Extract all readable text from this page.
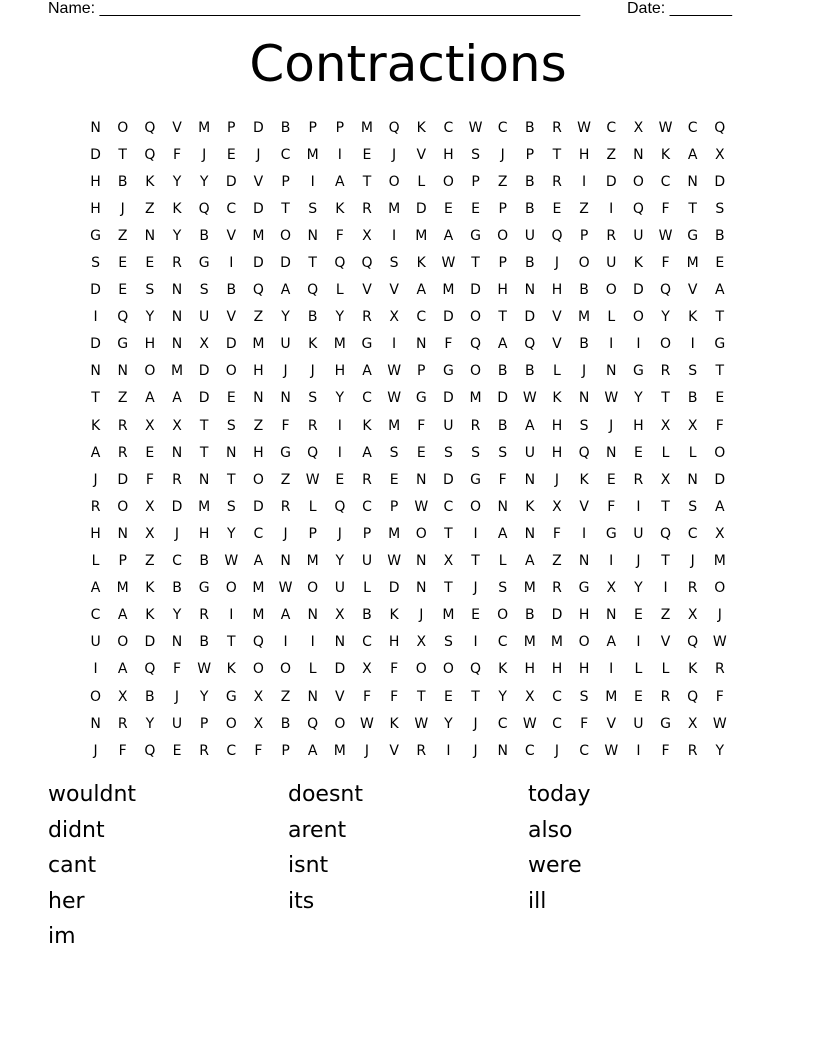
Name: ______________________________________________________	Date: _______
Contractions
N	O	Q	V	M	P	D	B	P	P	M	Q	K	C	W	C	B	R	W	C	X	W	C	Q
D	T	Q	F	J	E	J	C	M	I	E	J	V	H	S	J	P	T	H	Z	N	K	A	X
H	B	K	Y	Y	D	V	P	I	A	T	O	L	O	P	Z	B	R	I	D	O	C	N	D
H	J	Z	K	Q	C	D	T	S	K	R	M	D	E	E	P	B	E	Z	I	Q	F	T	S
G	Z	N	Y	B	V	M	O	N	F	X	I	M	A	G	O	U	Q	P	R	U	W	G	B
S	E	E	R	G	I	D	D	T	Q	Q	S	K	W	T	P	B	J	O	U	K	F	M	E
D	E	S	N	S	B	Q	A	Q	L	V	V	A	M	D	H	N	H	B	O	D	Q	V	A
I	Q	Y	N	U	V	Z	Y	B	Y	R	X	C	D	O	T	D	V	M	L	O	Y	K	T
D	G	H	N	X	D	M	U	K	M	G	I	N	F	Q	A	Q	V	B	I	I	O	I	G
N	N	O	M	D	O	H	J	J	H	A	W	P	G	O	B	B	L	J	N	G	R	S	T
T	Z	A	A	D	E	N	N	S	Y	C	W	G	D	M	D	W	K	N	W	Y	T	B	E
K	R	X	X	T	S	Z	F	R	I	K	M	F	U	R	B	A	H	S	J	H	X	X	F
A	R	E	N	T	N	H	G	Q	I	A	S	E	S	S	S	U	H	Q	N	E	L	L	O
J	D	F	R	N	T	O	Z	W	E	R	E	N	D	G	F	N	J	K	E	R	X	N	D
R	O	X	D	M	S	D	R	L	Q	C	P	W	C	O	N	K	X	V	F	I	T	S	A
H	N	X	J	H	Y	C	J	P	J	P	M	O	T	I	A	N	F	I	G	U	Q	C	X
L	P	Z	C	B	W	A	N	M	Y	U	W	N	X	T	L	A	Z	N	I	J	T	J	M
A	M	K	B	G	O	M	W	O	U	L	D	N	T	J	S	M	R	G	X	Y	I	R	O
C	A	K	Y	R	I	M	A	N	X	B	K	J	M	E	O	B	D	H	N	E	Z	X	J
U	O	D	N	B	T	Q	I	I	N	C	H	X	S	I	C	M	M	O	A	I	V	Q	W
I	A	Q	F	W	K	O	O	L	D	X	F	O	O	Q	K	H	H	H	I	L	L	K	R
O	X	B	J	Y	G	X	Z	N	V	F	F	T	E	T	Y	X	C	S	M	E	R	Q	F
N	R	Y	U	P	O	X	B	Q	O	W	K	W	Y	J	C	W	C	F	V	U	G	X	W
J	F	Q	E	R	C	F	P	A	M	J	V	R	I	J	N	C	J	C	W	I	F	R	Y
wouldnt	doesnt	today
didnt	arent	also
cant	isnt	were
her	its	ill
im
